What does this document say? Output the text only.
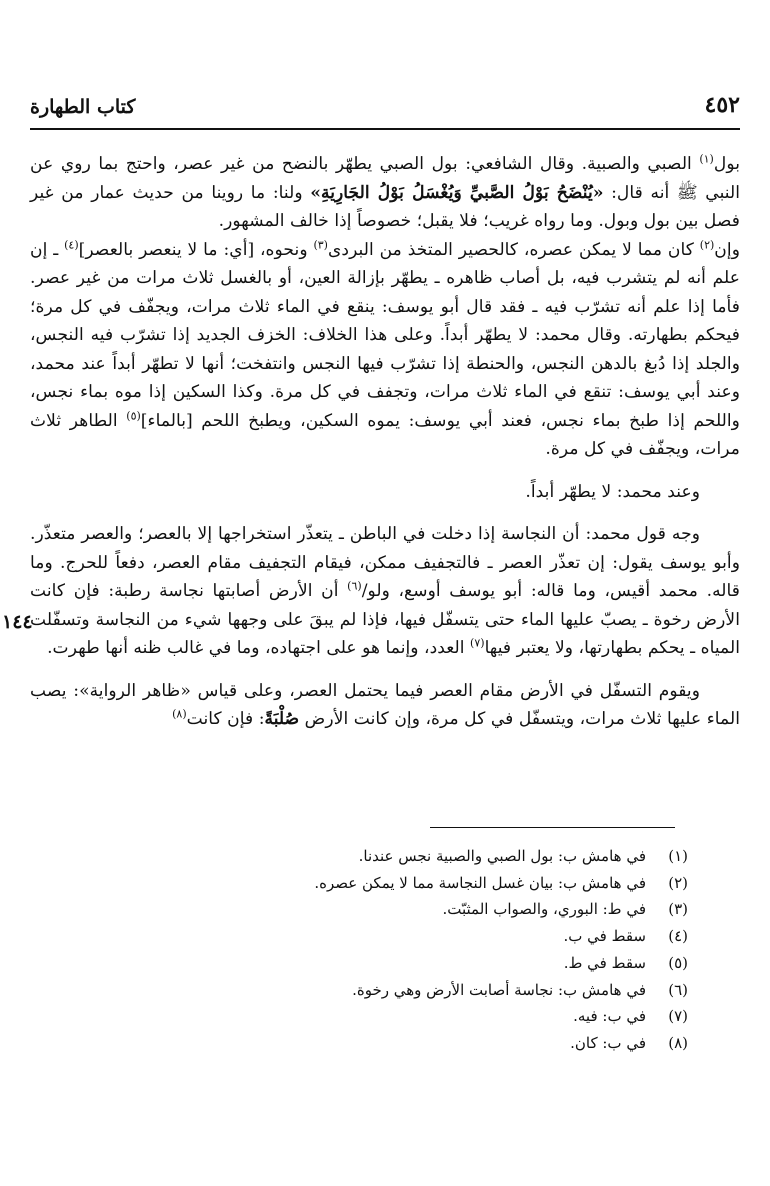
كتاب الطهارة	٤٥٢
١٤٤

بول$^{(١)}$ الصبي والصبية. وقال الشافعي: بول الصبي يطهّر بالنضح من غير عصر، واحتج بما روي عن النبي ﷺ أنه قال: «يُنْضَحُ بَوْلُ الصَّبيِّ وَيُغْسَلُ بَوْلُ الجَارِيَةِ» ولنا: ما روينا من حديث عمار من غير فصل بين بول وبول. وما رواه غريب؛ فلا يقبل؛ خصوصاً إذا خالف المشهور.

وإن$^{(٢)}$ كان مما لا يمكن عصره، كالحصير المتخذ من البردى$^{(٣)}$ ونحوه، [أي: ما لا ينعصر بالعصر]$^{(٤)}$ ـ إن علم أنه لم يتشرب فيه، بل أصاب ظاهره ـ يطهّر بإزالة العين، أو بالغسل ثلاث مرات من غير عصر. فأما إذا علم أنه تشرّب فيه ـ فقد قال أبو يوسف: ينقع في الماء ثلاث مرات، ويجفّف في كل مرة؛ فيحكم بطهارته. وقال محمد: لا يطهّر أبداً. وعلى هذا الخلاف: الخزف الجديد إذا تشرّب فيه النجس، والجلد إذا دُبغ بالدهن النجس، والحنطة إذا تشرّب فيها النجس وانتفخت؛ أنها لا تطهّر أبداً عند محمد، وعند أبي يوسف: تنقع في الماء ثلاث مرات، وتجفف في كل مرة. وكذا السكين إذا موه بماء نجس، واللحم إذا طبخ بماء نجس، فعند أبي يوسف: يموه السكين، ويطبخ اللحم [بالماء]$^{(٥)}$ الطاهر ثلاث مرات، ويجفّف في كل مرة.

وعند محمد: لا يطهّر أبداً.

وجه قول محمد: أن النجاسة إذا دخلت في الباطن ـ يتعذّر استخراجها إلا بالعصر؛ والعصر متعذّر. وأبو يوسف يقول: إن تعذّر العصر ـ فالتجفيف ممكن، فيقام التجفيف مقام العصر، دفعاً للحرج. وما قاله. محمد أقيس، وما قاله: أبو يوسف أوسع، ولو/$^{(٦)}$ أن الأرض أصابتها نجاسة رطبة: فإن كانت الأرض رخوة ـ يصبّ عليها الماء حتى يتسفّل فيها، فإذا لم يبقَ على وجهها شيء من النجاسة وتسفّلت المياه ـ يحكم بطهارتها، ولا يعتبر فيها$^{(٧)}$ العدد، وإنما هو على اجتهاده، وما في غالب ظنه أنها طهرت.

ويقوم التسفّل في الأرض مقام العصر فيما يحتمل العصر، وعلى قياس «ظاهر الرواية»: يصب الماء عليها ثلاث مرات، ويتسفّل في كل مرة، وإن كانت الأرض صُلْبَةً: فإن كانت$^{(٨)}$

(١)في هامش ب: بول الصبي والصبية نجس عندنا.
(٢)في هامش ب: بيان غسل النجاسة مما لا يمكن عصره.
(٣)في ط: البوري، والصواب المثبّت.
(٤)سقط في ب.
(٥)سقط في ط.
(٦)في هامش ب: نجاسة أصابت الأرض وهي رخوة.
(٧)في ب: فيه.
(٨)في ب: كان.
